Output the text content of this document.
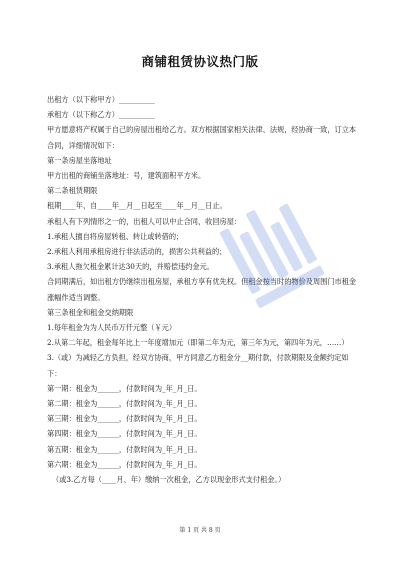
商铺租赁协议热门版
出租方（以下称甲方）__________
承租方（以下称乙方）__________
甲方愿意将产权属于自己的房屋出租给乙方。双方根据国家相关法律、法规，经协商一致，订立本合同，详细情况如下：
第一条房屋坐落地址
甲方出租的商铺坐落地址：号，建筑面积平方米。
第二条租赁期限
租期____年，自____年__月__日起至____年__月__日止。
承租人有下列情形之一的，出租人可以中止合同，收回房屋：
1.承租人擅自将房屋转租、转让或转借的；
2.承租人利用承租房进行非法活动的，损害公共利益的；
3.承租人拖欠租金累计达30天的，并赔偿违约金元。
合同期满后，如出租方仍继续出租房屋，承租方享有优先权。但租金按当时的物价及周围门市租金涨幅作适当调整。
第三条租金和租金交纳期限
1.每年租金为为人民币万仟元整（￥元）
2.从第二年起，租金每年比上一年度增加元（即第二年为元，第三年为元，第四年为元，……）
3.（或）为减轻乙方负担，经双方协商，甲方同意乙方租金分__期付款，付款期限及金额约定如下：
第一期：租金为______，付款时间为_年_月_日。
第二期：租金为______，付款时间为_年_月_日。
第三期：租金为______，付款时间为_年_月_日。
第四期：租金为______，付款时间为_年_月_日。
第五期：租金为______，付款时间为_年_月_日。
第六期：租金为______，付款时间为_年_月_日。
（或3.乙方每（____月、年）缴纳一次租金，乙方以现金形式支付租金。）
第 1 页 共 8 页
